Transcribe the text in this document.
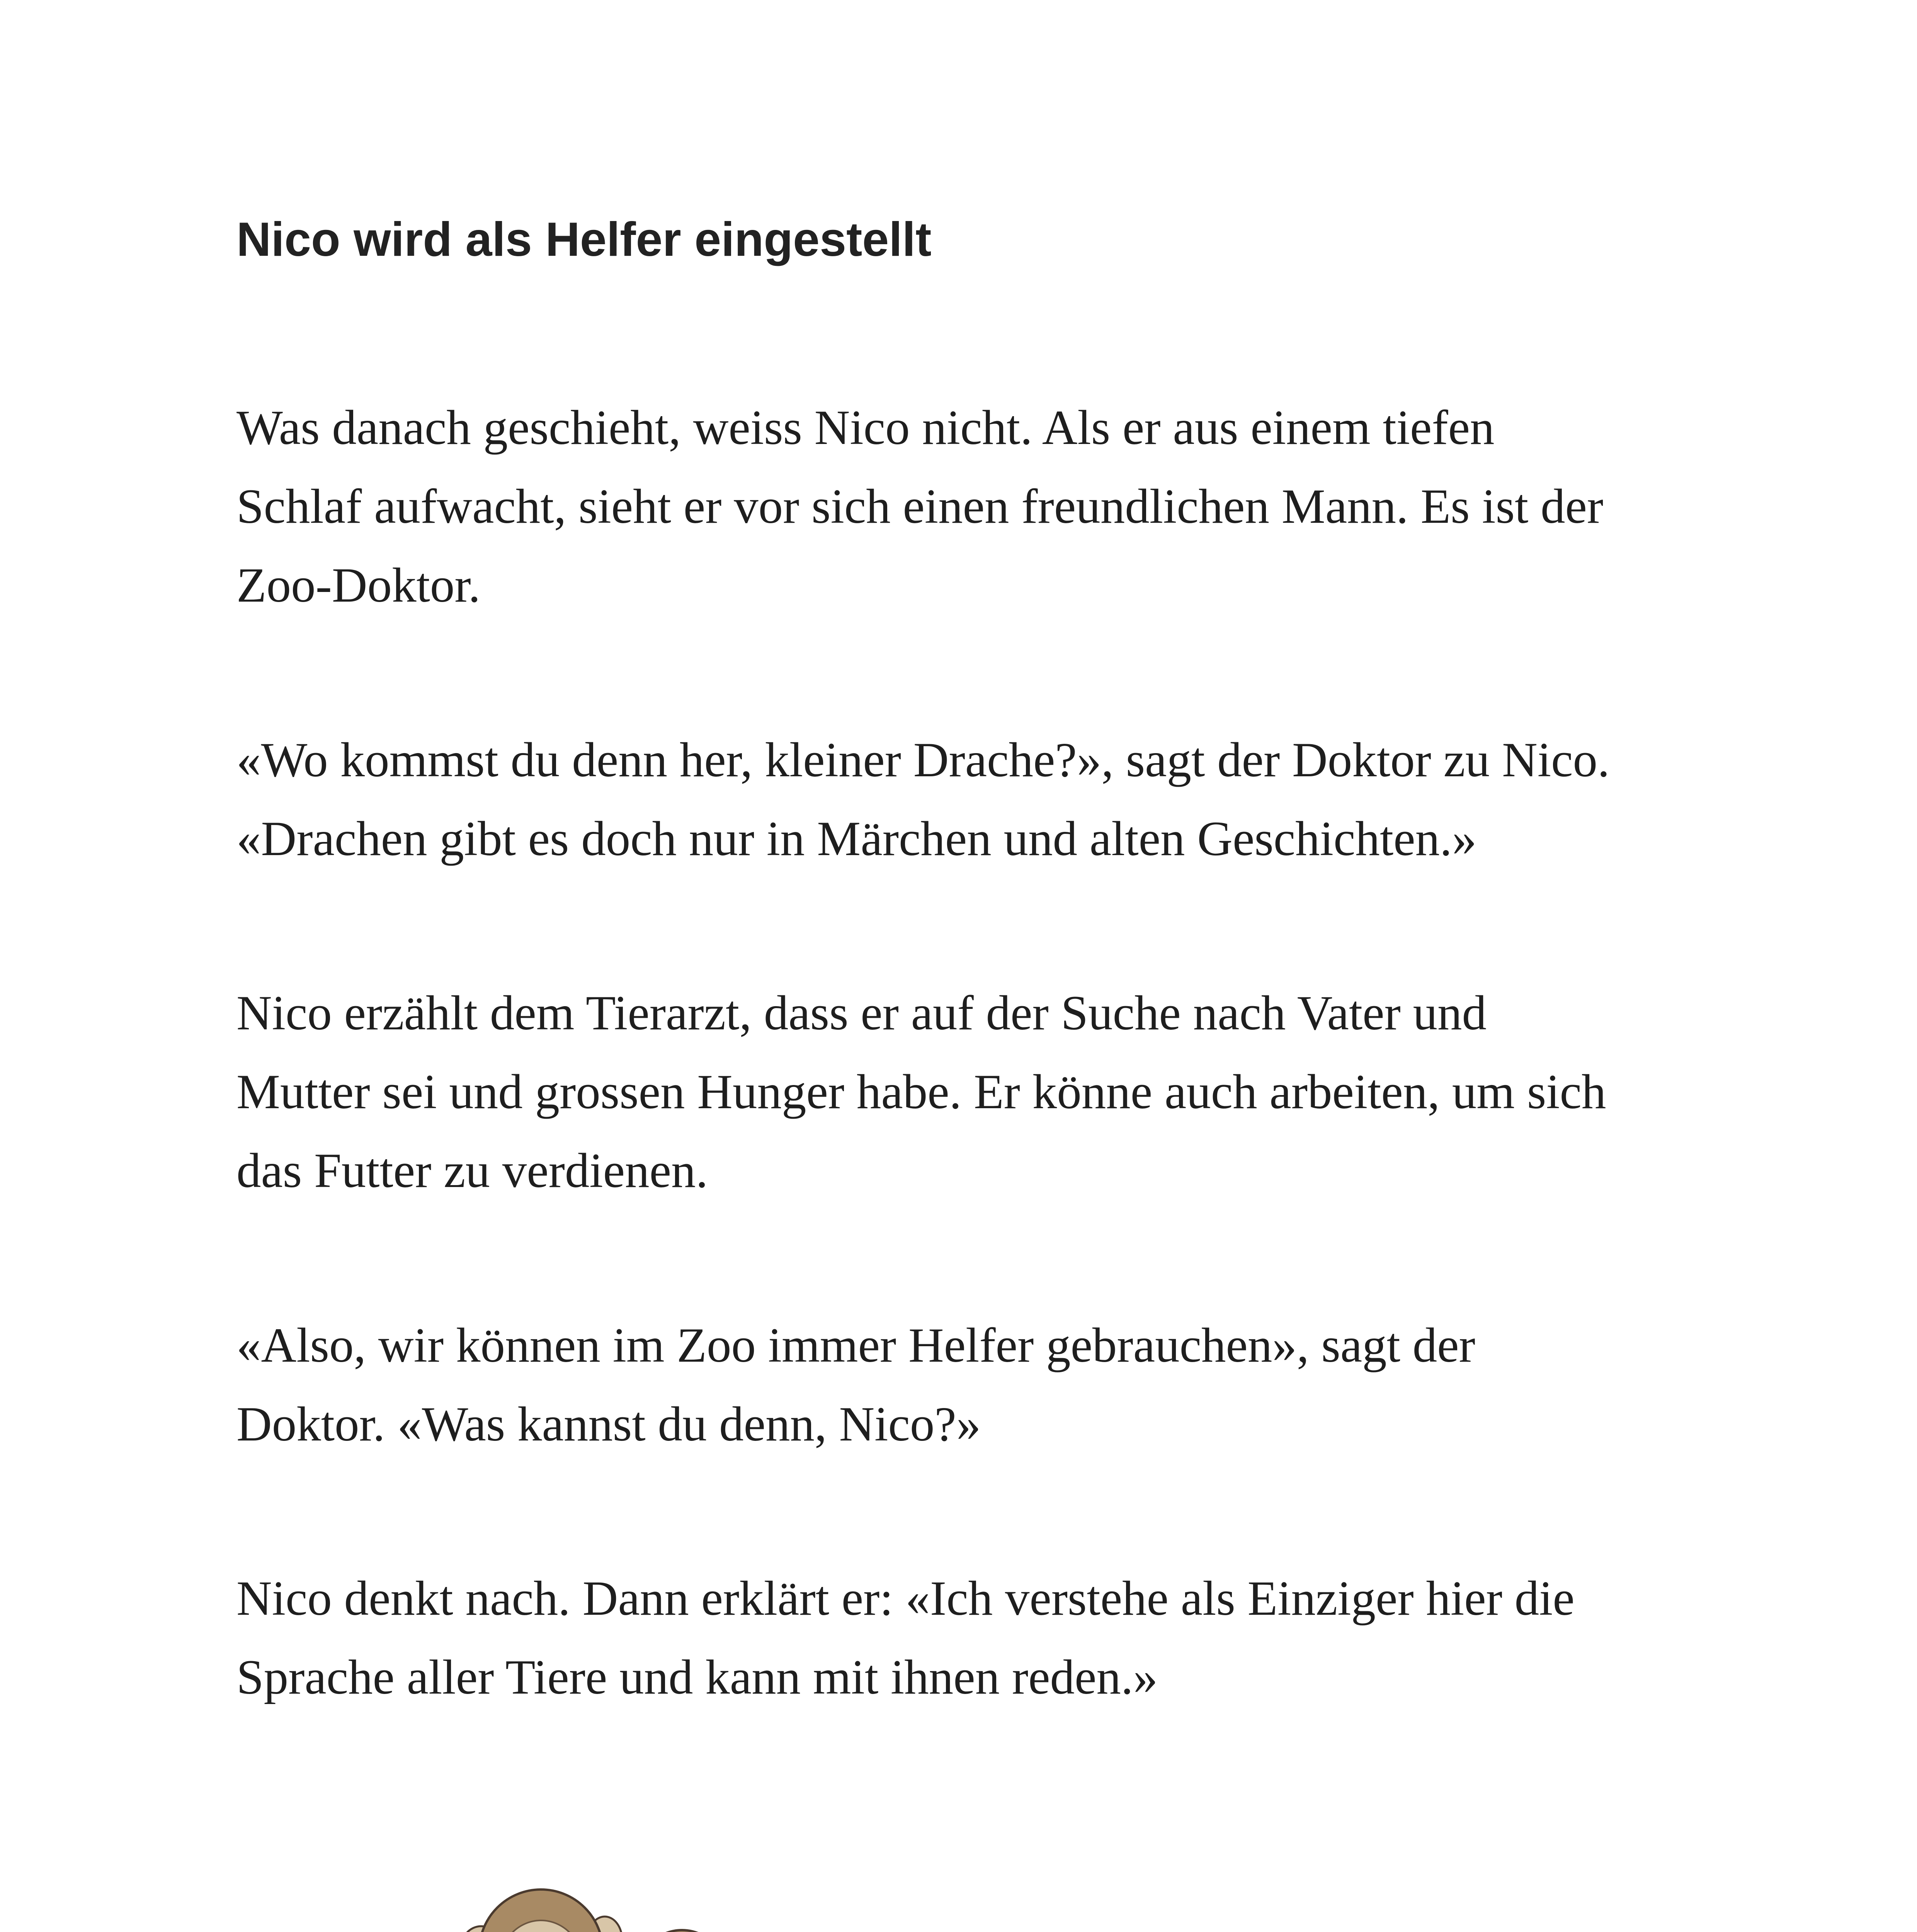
Nico wird als Helfer eingestellt
Was danach geschieht, weiss Nico nicht. Als er aus einem tiefen
Schlaf aufwacht, sieht er vor sich einen freundlichen Mann. Es ist der
Zoo-Doktor.
«Wo kommst du denn her, kleiner Drache?», sagt der Doktor zu Nico.
«Drachen gibt es doch nur in Märchen und alten Geschichten.»
Nico erzählt dem Tierarzt, dass er auf der Suche nach Vater und
Mutter sei und grossen Hunger habe. Er könne auch arbeiten, um sich
das Futter zu verdienen.
«Also, wir können im Zoo immer Helfer gebrauchen», sagt der
Doktor. «Was kannst du denn, Nico?»
Nico denkt nach. Dann erklärt er: «Ich verstehe als Einziger hier die
Sprache aller Tiere und kann mit ihnen reden.»
